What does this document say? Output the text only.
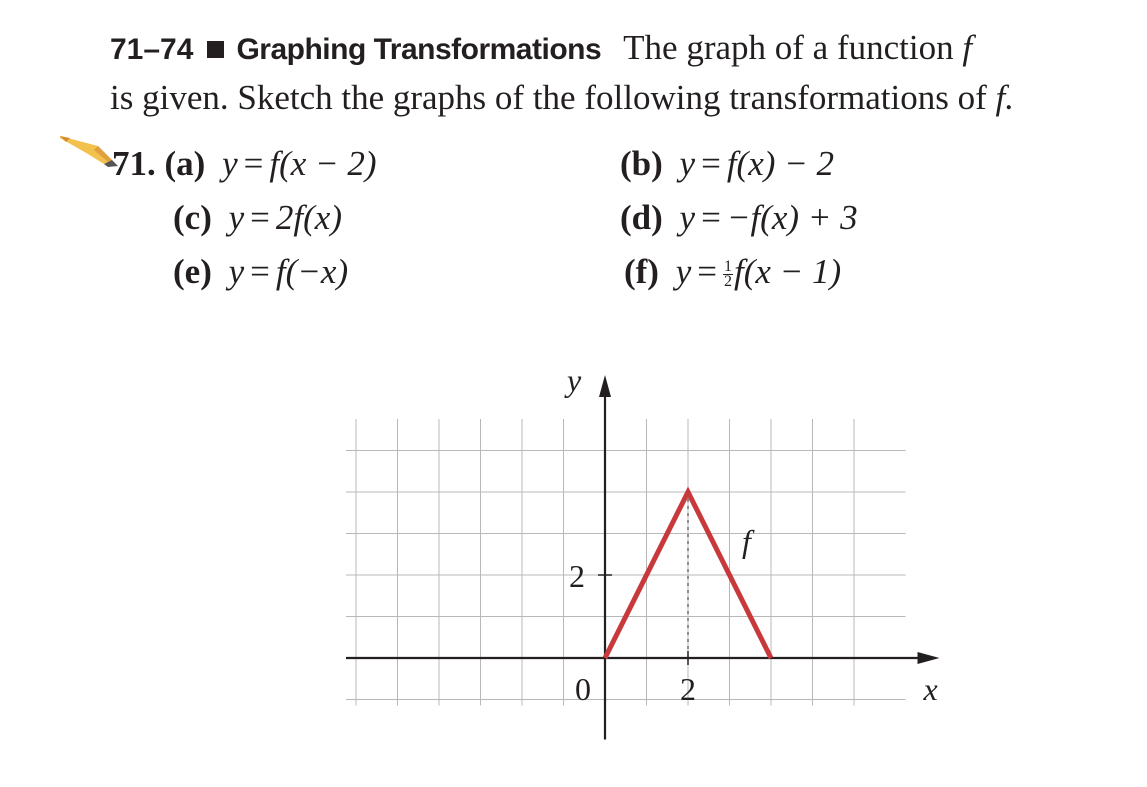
71–74 Graphing Transformations The graph of a function f
is given. Sketch the graphs of the following transformations of f.
71. (a) y = f(x − 2)	(b) y = f(x) − 2
(c) y = 2f(x)	(d) y = −f(x) + 3
(e) y = f(−x)	(f) $y = \frac{1}{2} f(x - 1)$
y
x
f
2
2
0
